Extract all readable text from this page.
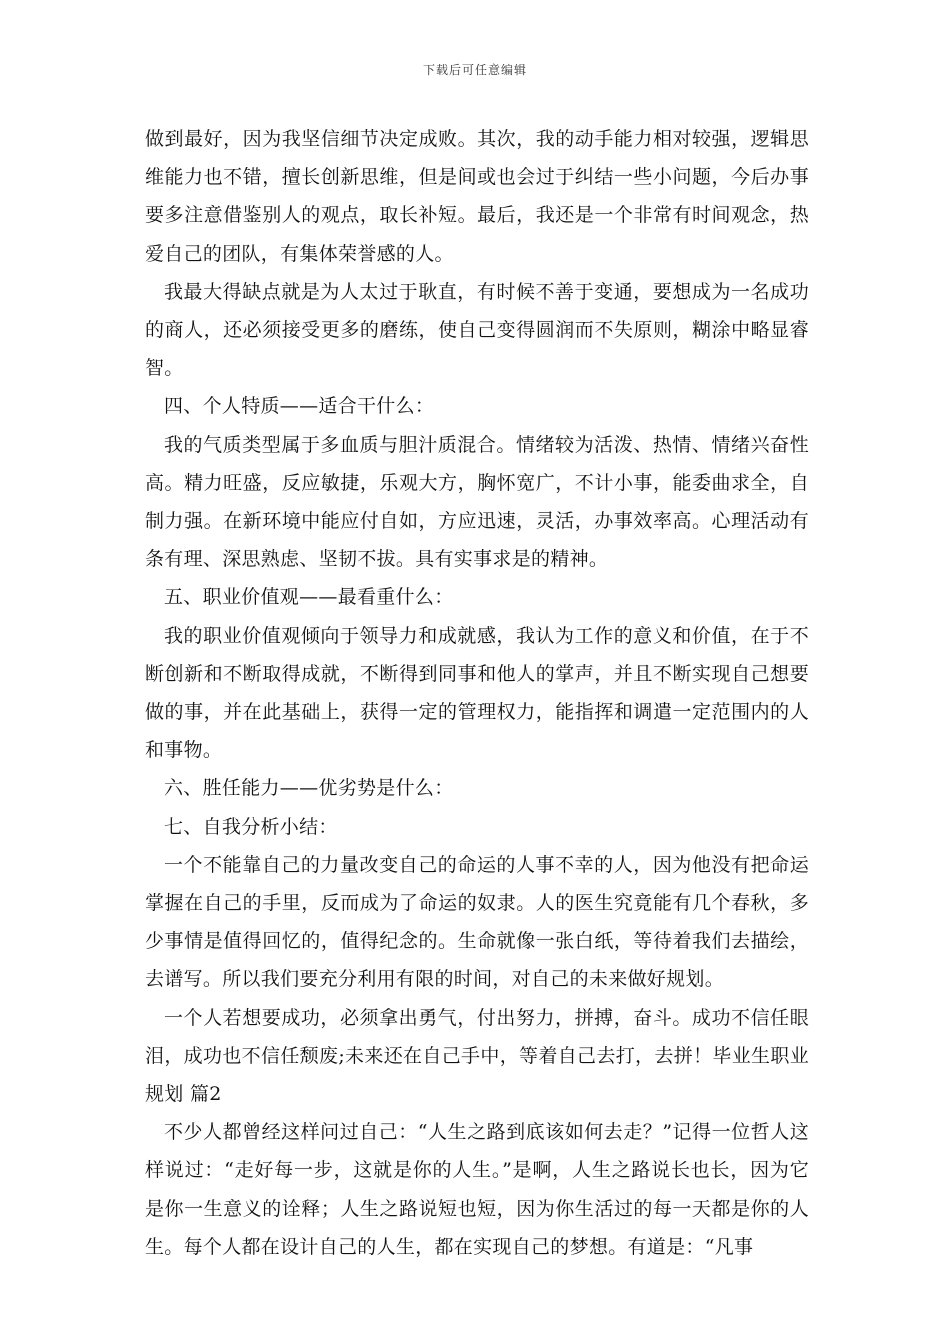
下载后可任意编辑

做到最好，因为我坚信细节决定成败。其次，我的动手能力相对较强，逻辑思维能力也不错，擅长创新思维，但是间或也会过于纠结一些小问题，今后办事要多注意借鉴别人的观点，取长补短。最后，我还是一个非常有时间观念，热爱自己的团队，有集体荣誉感的人。

我最大得缺点就是为人太过于耿直，有时候不善于变通，要想成为一名成功的商人，还必须接受更多的磨练，使自己变得圆润而不失原则，糊涂中略显睿智。

四、个人特质——适合干什么：

我的气质类型属于多血质与胆汁质混合。情绪较为活泼、热情、情绪兴奋性高。精力旺盛，反应敏捷，乐观大方，胸怀宽广，不计小事，能委曲求全，自制力强。在新环境中能应付自如，方应迅速，灵活，办事效率高。心理活动有条有理、深思熟虑、坚韧不拔。具有实事求是的精神。

五、职业价值观——最看重什么：

我的职业价值观倾向于领导力和成就感，我认为工作的意义和价值，在于不断创新和不断取得成就，不断得到同事和他人的掌声，并且不断实现自己想要做的事，并在此基础上，获得一定的管理权力，能指挥和调遣一定范围内的人和事物。

六、胜任能力——优劣势是什么：

七、自我分析小结：

一个不能靠自己的力量改变自己的命运的人事不幸的人，因为他没有把命运掌握在自己的手里，反而成为了命运的奴隶。人的医生究竟能有几个春秋，多少事情是值得回忆的，值得纪念的。生命就像一张白纸，等待着我们去描绘，去谱写。所以我们要充分利用有限的时间，对自己的未来做好规划。

一个人若想要成功，必须拿出勇气，付出努力，拼搏，奋斗。成功不信任眼泪，成功也不信任颓废;未来还在自己手中，等着自己去打，去拼！毕业生职业规划 篇2

不少人都曾经这样问过自己：“人生之路到底该如何去走？”记得一位哲人这样说过：“走好每一步，这就是你的人生。”是啊，人生之路说长也长，因为它是你一生意义的诠释；人生之路说短也短，因为你生活过的每一天都是你的人生。每个人都在设计自己的人生，都在实现自己的梦想。有道是：“凡事
